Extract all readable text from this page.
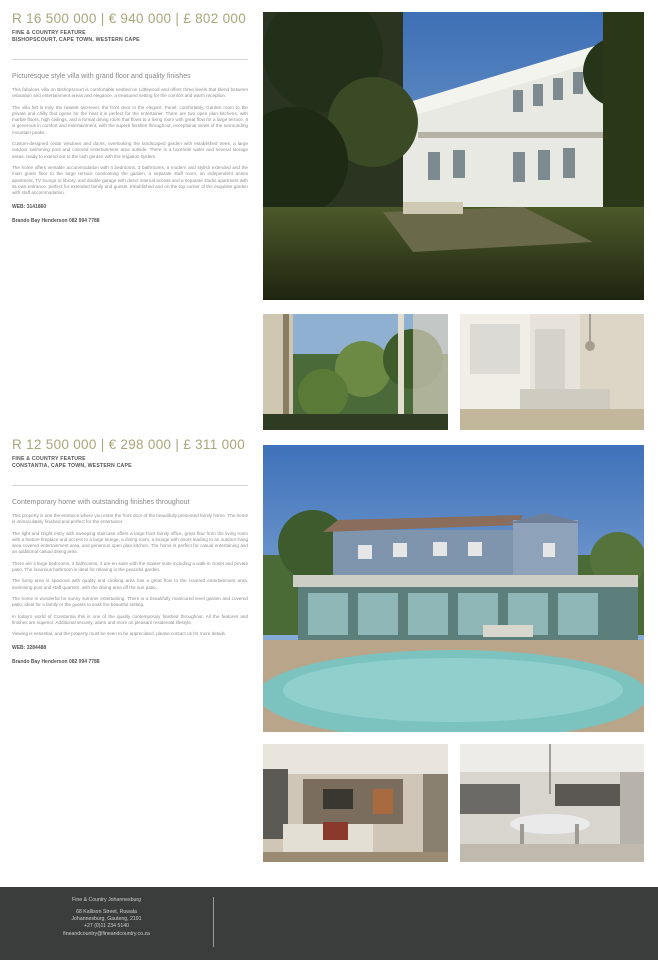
R 16 500 000 | € 940 000 | £ 802 000
FINE & COUNTRY FEATURE
BISHOPSCOURT, CAPE TOWN, WESTERN CAPE
Picturesque style villa with grand floor and quality finishes

This fabulous villa on Bishopscourt is comfortable nestled on Littlewood and offers three levels that blend between relaxation and entertainment areas and elegance, a treasured setting for the comfort and warm reception.

The villa felt is truly the newest two-level, the front door in the elegant. Panel, comfortably, Garden room to the private and chilly that opens for the heat it is perfect for the entertainer. There are two open plan kitchens, with marble floors, high ceilings, and a formal dining room that flows to a living room with great flow for a large terrace. It is generous in comfort and entertainment, with the superb finishes throughout, exceptional views of the surrounding mountain peaks.

Custom-designed cedar windows and doors, overlooking the landscaped garden with established trees, a large outdoor swimming pool and covered entertainment area outside. There is a borehole water and several storage areas, ready to extend out to the lush garden with the irrigation system.

The home offers versatile accommodation with 4 bedrooms, 3 bathrooms, a modern and stylish extended and the main guest floor to the large terrace overlooking the garden, a separate staff room, an independent annex apartment, TV lounge or library, and double garage with direct internal access and a separate studio apartment with its own entrance, perfect for extended family and guests. Established and on the top corner of the exquisite garden with staff accommodation.

WEB: 3141860
Brando Bay Henderson 082 994 7788
R 12 500 000 | € 298 000 | £ 311 000
FINE & COUNTRY FEATURE
CONSTANTIA, CAPE TOWN, WESTERN CAPE
Contemporary home with outstanding finishes throughout

This property is one the entrance where you enter the front door of the beautifully presented family home. The home is immaculately finished and perfect for the entertainer.

The light and bright entry with sweeping staircase offers a large front family office, great flow from the living room with a feature fireplace and access to a large lounge, a dining room, a lounge with doors leading to an outdoor living area covered entertainment area, and generous open plan kitchen. The home is perfect for casual entertaining and an additional casual dining area.

There are 4 large bedrooms, 3 bathrooms, 2 are en-suite with the master suite including a walk-in closet and private patio. The luxurious bathroom is ideal for relaxing in the peaceful garden.

The living area is spacious with quality and cooking area has a great flow to the covered entertainment area, swimming pool and staff quarters, with the dining area off the sun patio.

The home is wonderful for sunny summer entertaining. There is a beautifully manicured level garden and covered patio, ideal for a family or the guests to soak the beautiful setting.

In today's world of Constantia this is one of the quality contemporary finished throughout. All the features and finishes are superior. Additional security, alarm and more on pleasant residential lifestyle.

Viewing is essential, and the property must be seen to be appreciated, please contact us for more details.

WEB: 3284488
Brando Bay Henderson 082 994 7788
Fine & Country Johannesburg
68 Kallison Street, Ruwala
Johannesburg, Gauteng, 2191
+27 (0)11 234 5140
fineandcountry@fineandcountry.co.za
